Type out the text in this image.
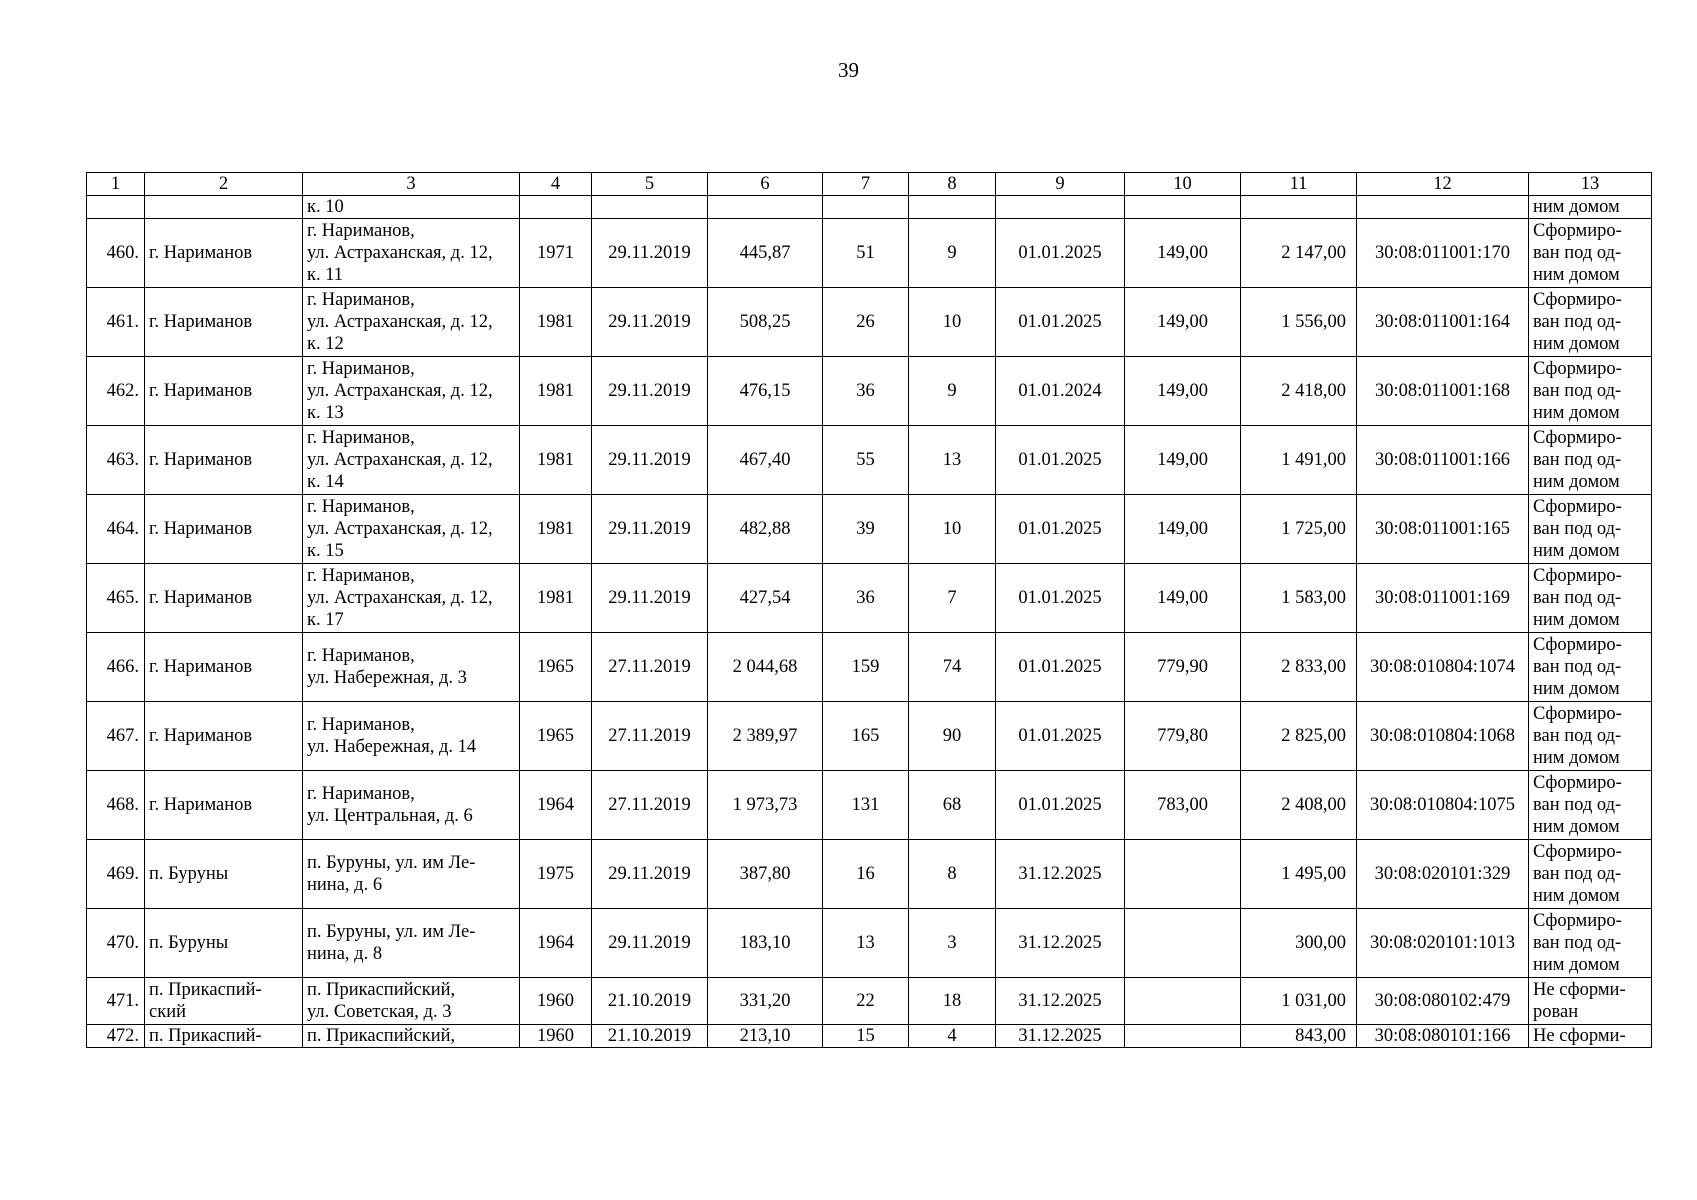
39
1	2	3	4	5	6	7	8	9	10	11	12	13
		к. 10										ним домом
460.	г. Нариманов	г. Нариманов,
ул. Астраханская, д. 12,
к. 11	1971	29.11.2019	445,87	51	9	01.01.2025	149,00	2 147,00	30:08:011001:170	Сформиро-
ван под од-
ним домом
461.	г. Нариманов	г. Нариманов,
ул. Астраханская, д. 12,
к. 12	1981	29.11.2019	508,25	26	10	01.01.2025	149,00	1 556,00	30:08:011001:164	Сформиро-
ван под од-
ним домом
462.	г. Нариманов	г. Нариманов,
ул. Астраханская, д. 12,
к. 13	1981	29.11.2019	476,15	36	9	01.01.2024	149,00	2 418,00	30:08:011001:168	Сформиро-
ван под од-
ним домом
463.	г. Нариманов	г. Нариманов,
ул. Астраханская, д. 12,
к. 14	1981	29.11.2019	467,40	55	13	01.01.2025	149,00	1 491,00	30:08:011001:166	Сформиро-
ван под од-
ним домом
464.	г. Нариманов	г. Нариманов,
ул. Астраханская, д. 12,
к. 15	1981	29.11.2019	482,88	39	10	01.01.2025	149,00	1 725,00	30:08:011001:165	Сформиро-
ван под од-
ним домом
465.	г. Нариманов	г. Нариманов,
ул. Астраханская, д. 12,
к. 17	1981	29.11.2019	427,54	36	7	01.01.2025	149,00	1 583,00	30:08:011001:169	Сформиро-
ван под од-
ним домом
466.	г. Нариманов	г. Нариманов,
ул. Набережная, д. 3	1965	27.11.2019	2 044,68	159	74	01.01.2025	779,90	2 833,00	30:08:010804:1074	Сформиро-
ван под од-
ним домом
467.	г. Нариманов	г. Нариманов,
ул. Набережная, д. 14	1965	27.11.2019	2 389,97	165	90	01.01.2025	779,80	2 825,00	30:08:010804:1068	Сформиро-
ван под од-
ним домом
468.	г. Нариманов	г. Нариманов,
ул. Центральная, д. 6	1964	27.11.2019	1 973,73	131	68	01.01.2025	783,00	2 408,00	30:08:010804:1075	Сформиро-
ван под од-
ним домом
469.	п. Буруны	п. Буруны, ул. им Ле-
нина, д. 6	1975	29.11.2019	387,80	16	8	31.12.2025		1 495,00	30:08:020101:329	Сформиро-
ван под од-
ним домом
470.	п. Буруны	п. Буруны, ул. им Ле-
нина, д. 8	1964	29.11.2019	183,10	13	3	31.12.2025		300,00	30:08:020101:1013	Сформиро-
ван под од-
ним домом
471.	п. Прикаспий-
ский	п. Прикаспийский,
ул. Советская, д. 3	1960	21.10.2019	331,20	22	18	31.12.2025		1 031,00	30:08:080102:479	Не сформи-
рован
472.	п. Прикаспий-	п. Прикаспийский,	1960	21.10.2019	213,10	15	4	31.12.2025		843,00	30:08:080101:166	Не сформи-
